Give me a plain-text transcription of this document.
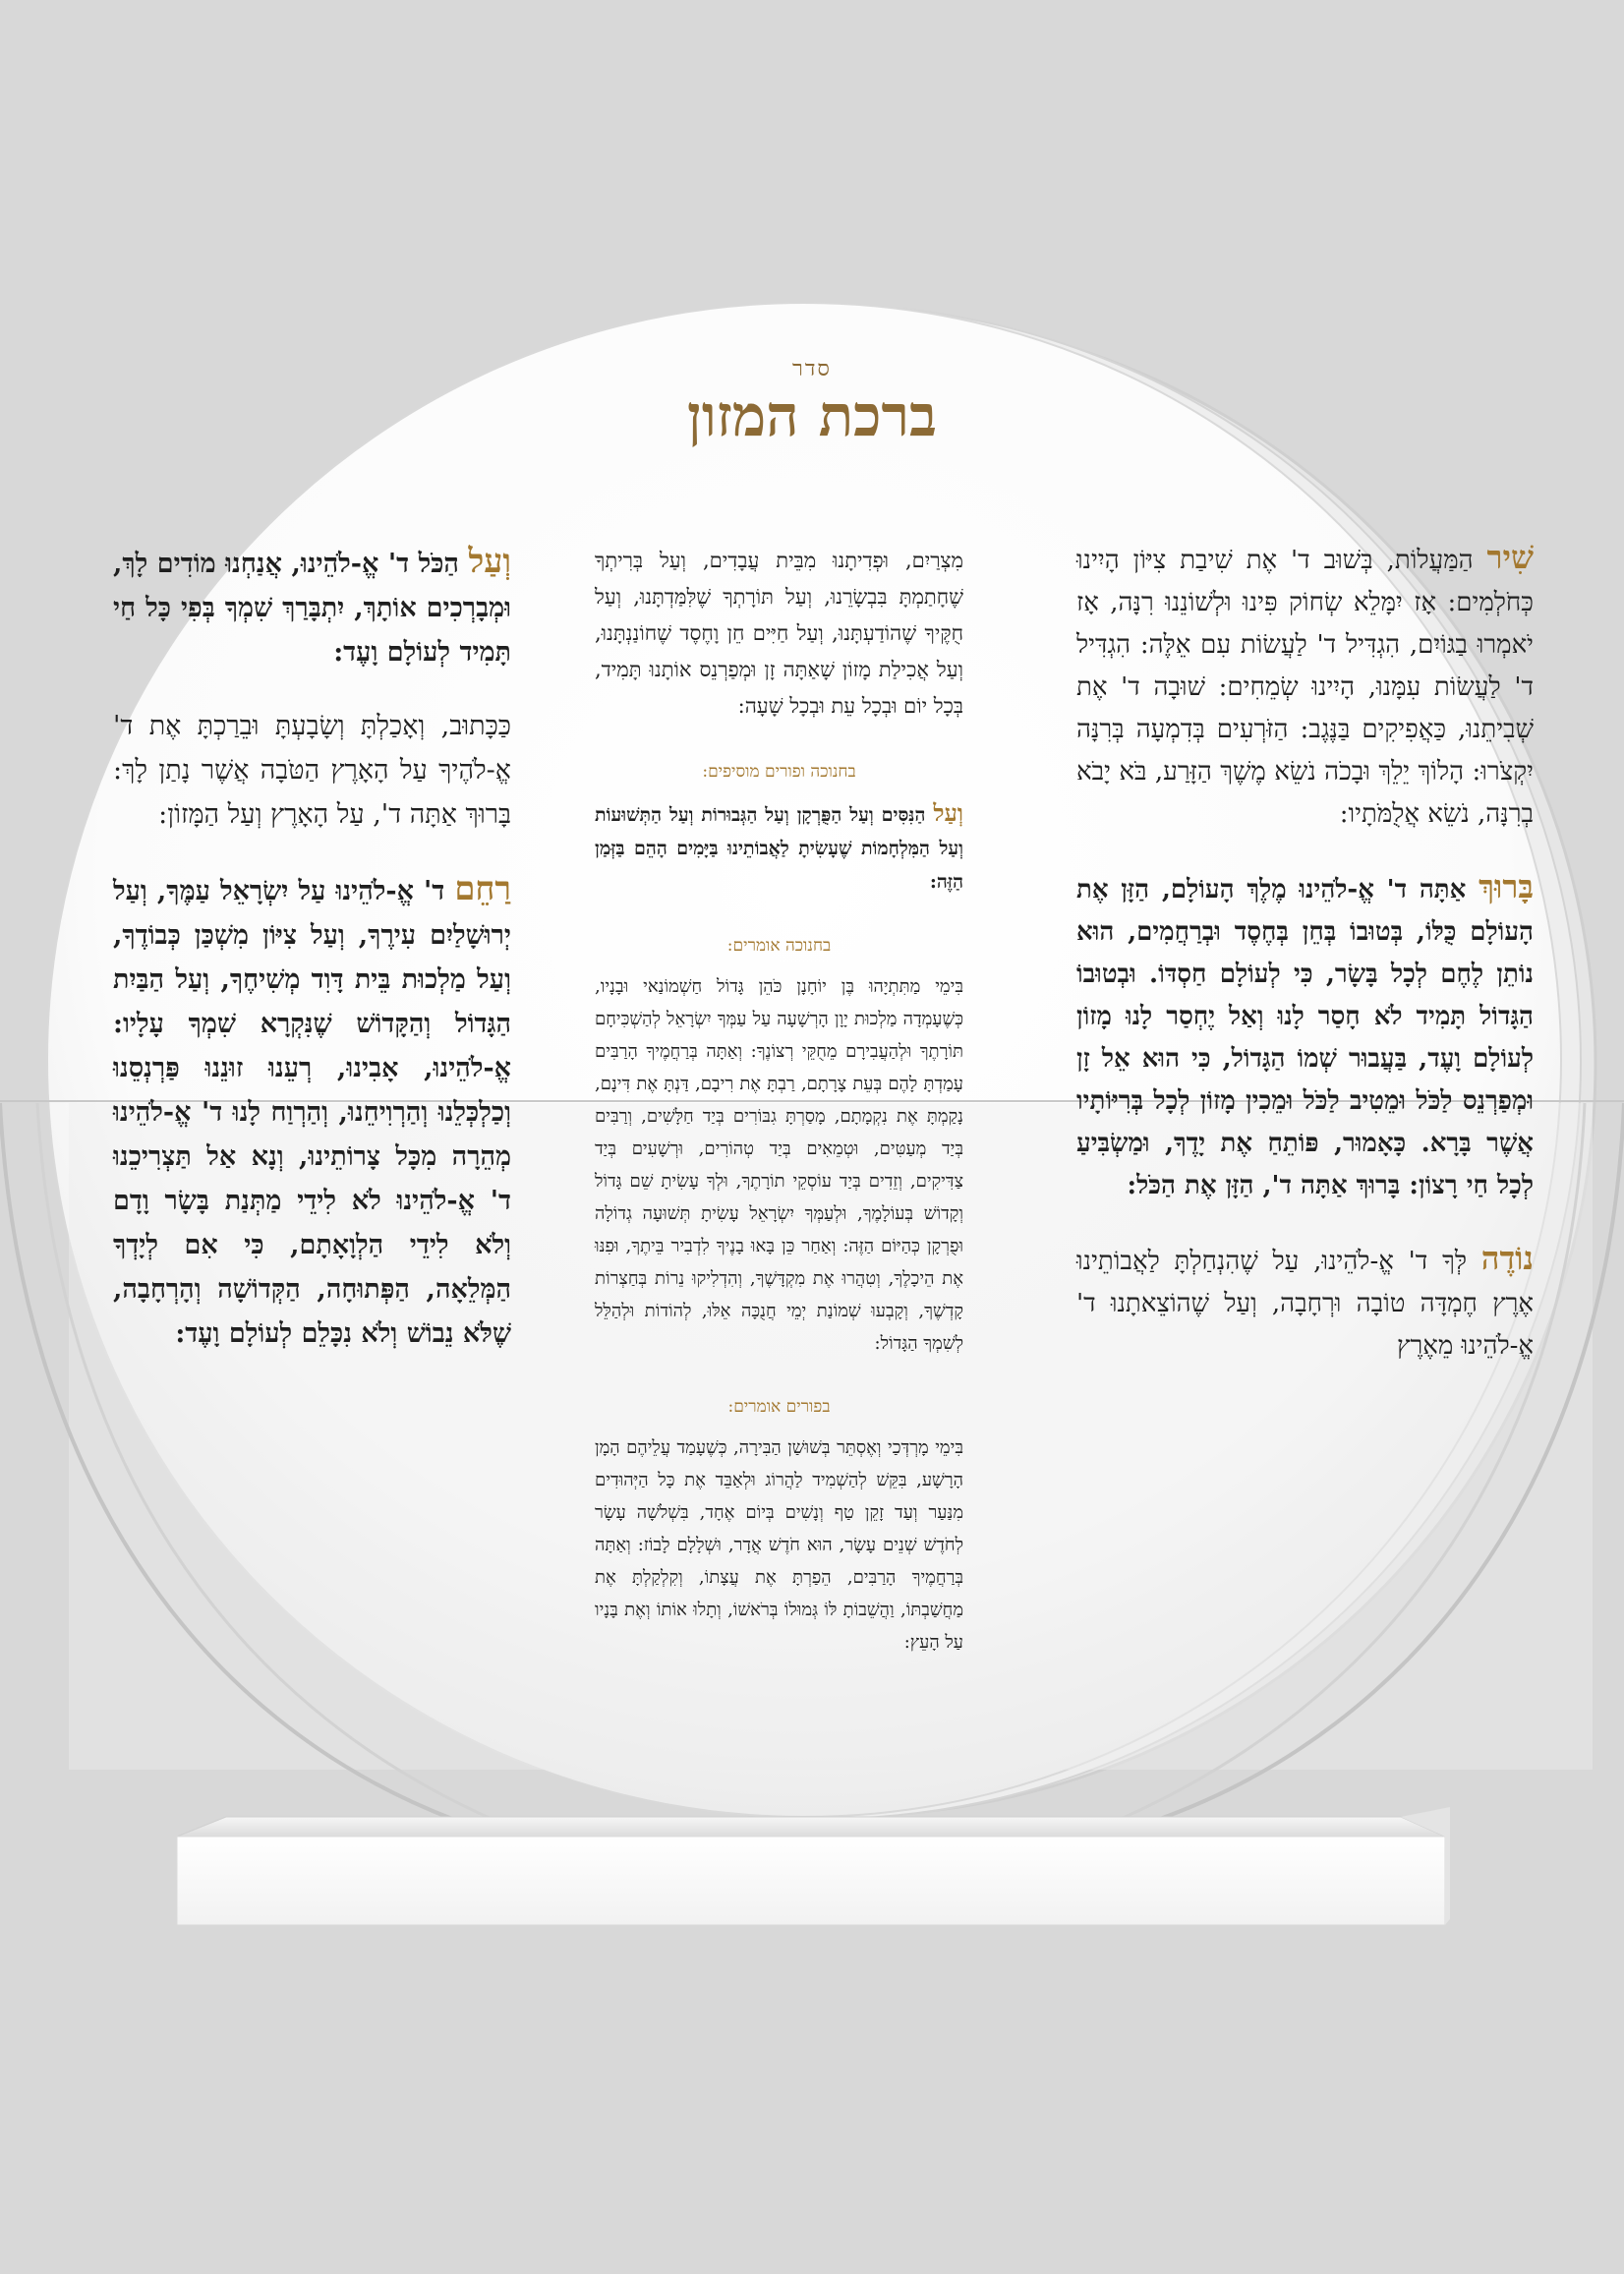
סדר
ברכת המזון

שִׁיר הַמַּעֲלוֹת, בְּשׁוּב ד' אֶת שִׁיבַת צִיּוֹן הָיִינוּ כְּחֹלְמִים: אָז יִמָּלֵא שְׂחוֹק פִּינוּ וּלְשׁוֹנֵנוּ רִנָּה, אָז יֹאמְרוּ בַגּוֹיִם, הִגְדִּיל ד' לַעֲשׂוֹת עִם אֵלֶּה: הִגְדִּיל ד' לַעֲשׂוֹת עִמָּנוּ, הָיִינוּ שְׂמֵחִים: שׁוּבָה ד' אֶת שְׁבִיתֵנוּ, כַּאֲפִיקִים בַּנֶּגֶב: הַזֹּרְעִים בְּדִמְעָה בְּרִנָּה יִקְצֹרוּ: הָלוֹךְ יֵלֵךְ וּבָכֹה נֹשֵׂא מֶשֶׁךְ הַזָּרַע, בֹּא יָבֹא בְרִנָּה, נֹשֵׂא אֲלֻמֹּתָיו:

בָּרוּךְ אַתָּה ד' אֱ-לֹהֵינוּ מֶלֶךְ הָעוֹלָם, הַזָּן אֶת הָעוֹלָם כֻּלּוֹ, בְּטוּבוֹ בְּחֵן בְּחֶסֶד וּבְרַחֲמִים, הוּא נוֹתֵן לֶחֶם לְכָל בָּשָׂר, כִּי לְעוֹלָם חַסְדּוֹ. וּבְטוּבוֹ הַגָּדוֹל תָּמִיד לֹא חָסַר לָנוּ וְאַל יֶחְסַר לָנוּ מָזוֹן לְעוֹלָם וָעֶד, בַּעֲבוּר שְׁמוֹ הַגָּדוֹל, כִּי הוּא אֵל זָן וּמְפַרְנֵס לַכֹּל וּמֵטִיב לַכֹּל וּמֵכִין מָזוֹן לְכָל בְּרִיּוֹתָיו אֲשֶׁר בָּרָא. כָּאָמוּר, פּוֹתֵחַ אֶת יָדֶךָ, וּמַשְׂבִּיעַ לְכָל חַי רָצוֹן: בָּרוּךְ אַתָּה ד', הַזָּן אֶת הַכֹּל:

נוֹדֶה לְּךָ ד' אֱ-לֹהֵינוּ, עַל שֶׁהִנְחַלְתָּ לַאֲבוֹתֵינוּ אֶרֶץ חֶמְדָּה טוֹבָה וּרְחָבָה, וְעַל שֶׁהוֹצֵאתָנוּ ד' אֱ-לֹהֵינוּ מֵאֶרֶץ

מִצְרַיִם, וּפְדִיתָנוּ מִבֵּית עֲבָדִים, וְעַל בְּרִיתְךָ שֶׁחָתַמְתָּ בִּבְשָׂרֵנוּ, וְעַל תּוֹרָתְךָ שֶׁלִּמַּדְתָּנוּ, וְעַל חֻקֶּיךָ שֶׁהוֹדַעְתָּנוּ, וְעַל חַיִּים חֵן וָחֶסֶד שֶׁחוֹנַנְתָּנוּ, וְעַל אֲכִילַת מָזוֹן שָׁאַתָּה זָן וּמְפַרְנֵס אוֹתָנוּ תָּמִיד, בְּכָל יוֹם וּבְכָל עֵת וּבְכָל שָׁעָה:

בחנוכה ופורים מוסיפים:

וְעַל הַנִּסִּים וְעַל הַפֻּרְקָן וְעַל הַגְּבוּרוֹת וְעַל הַתְּשׁוּעוֹת וְעַל הַמִּלְחָמוֹת שֶׁעָשִׂיתָ לַאֲבוֹתֵינוּ בַּיָּמִים הָהֵם בַּזְּמַן הַזֶּה:

בחנוכה אומרים:

בִּימֵי מַתִּתְיָהוּ בֶּן יוֹחָנָן כֹּהֵן גָּדוֹל חַשְׁמוֹנַאי וּבָנָיו, כְּשֶׁעָמְדָה מַלְכוּת יָוָן הָרְשָׁעָה עַל עַמְּךָ יִשְׂרָאֵל לְהַשְׁכִּיחָם תּוֹרָתֶךָ וּלְהַעֲבִירָם מֵחֻקֵּי רְצוֹנֶךָ: וְאַתָּה בְּרַחֲמֶיךָ הָרַבִּים עָמַדְתָּ לָהֶם בְּעֵת צָרָתָם, רַבְתָּ אֶת רִיבָם, דַּנְתָּ אֶת דִּינָם, נָקַמְתָּ אֶת נִקְמָתָם, מָסַרְתָּ גִבּוֹרִים בְּיַד חַלָּשִׁים, וְרַבִּים בְּיַד מְעַטִּים, וּטְמֵאִים בְּיַד טְהוֹרִים, וּרְשָׁעִים בְּיַד צַדִּיקִים, וְזֵדִים בְּיַד עוֹסְקֵי תוֹרָתֶךָ, וּלְךָ עָשִׂיתָ שֵׁם גָּדוֹל וְקָדוֹשׁ בְּעוֹלָמֶךָ, וּלְעַמְּךָ יִשְׂרָאֵל עָשִׂיתָ תְּשׁוּעָה גְדוֹלָה וּפֻרְקָן כְּהַיּוֹם הַזֶּה: וְאַחַר כֵּן בָּאוּ בָנֶיךָ לִדְבִיר בֵּיתֶךָ, וּפִנּוּ אֶת הֵיכָלֶךָ, וְטִהֲרוּ אֶת מִקְדָּשֶׁךָ, וְהִדְלִיקוּ נֵרוֹת בְּחַצְרוֹת קָדְשֶׁךָ, וְקָבְעוּ שְׁמוֹנַת יְמֵי חֲנֻכָּה אֵלּוּ, לְהוֹדוֹת וּלְהַלֵּל לְשִׁמְךָ הַגָּדוֹל:

בפורים אומרים:

בִּימֵי מָרְדְּכַי וְאֶסְתֵּר בְּשׁוּשַׁן הַבִּירָה, כְּשֶׁעָמַד עֲלֵיהֶם הָמָן הָרָשָׁע, בִּקֵּשׁ לְהַשְׁמִיד לַהֲרוֹג וּלְאַבֵּד אֶת כָּל הַיְּהוּדִים מִנַּעַר וְעַד זָקֵן טַף וְנָשִׁים בְּיוֹם אֶחָד, בִּשְׁלֹשָׁה עָשָׂר לְחֹדֶשׁ שְׁנֵים עָשָׂר, הוּא חֹדֶשׁ אֲדָר, וּשְׁלָלָם לָבוֹז: וְאַתָּה בְּרַחֲמֶיךָ הָרַבִּים, הֵפַרְתָּ אֶת עֲצָתוֹ, וְקִלְקַלְתָּ אֶת מַחֲשַׁבְתּוֹ, וַהֲשֵׁבוֹתָ לּוֹ גְּמוּלוֹ בְּרֹאשׁוֹ, וְתָלוּ אוֹתוֹ וְאֶת בָּנָיו עַל הָעֵץ:

וְעַל הַכֹּל ד' אֱ-לֹהֵינוּ, אֲנַחְנוּ מוֹדִים לָךְ, וּמְבָרְכִים אוֹתָךְ, יִתְבָּרַךְ שִׁמְךָ בְּפִי כָּל חַי תָּמִיד לְעוֹלָם וָעֶד:

כַּכָּתוּב, וְאָכַלְתָּ וְשָׂבָעְתָּ וּבֵרַכְתָּ אֶת ד' אֱ-לֹהֶיךָ עַל הָאָרֶץ הַטֹּבָה אֲשֶׁר נָתַן לָךְ: בָּרוּךְ אַתָּה ד', עַל הָאָרֶץ וְעַל הַמָּזוֹן:

רַחֵם ד' אֱ-לֹהֵינוּ עַל יִשְׂרָאֵל עַמֶּךָ, וְעַל יְרוּשָׁלַיִם עִירֶךָ, וְעַל צִיּוֹן מִשְׁכַּן כְּבוֹדֶךָ, וְעַל מַלְכוּת בֵּית דָּוִד מְשִׁיחֶךָ, וְעַל הַבַּיִת הַגָּדוֹל וְהַקָּדוֹשׁ שֶׁנִּקְרָא שִׁמְךָ עָלָיו: אֱ-לֹהֵינוּ, אָבִינוּ, רְעֵנוּ זוּנֵנוּ פַּרְנְסֵנוּ וְכַלְכְּלֵנוּ וְהַרְוִיחֵנוּ, וְהַרְוַח לָנוּ ד' אֱ-לֹהֵינוּ מְהֵרָה מִכָּל צָרוֹתֵינוּ, וְנָא אַל תַּצְרִיכֵנוּ ד' אֱ-לֹהֵינוּ לֹא לִידֵי מַתְּנַת בָּשָׂר וָדָם וְלֹא לִידֵי הַלְוָאָתָם, כִּי אִם לְיָדְךָ הַמְּלֵאָה, הַפְּתוּחָה, הַקְּדוֹשָׁה וְהָרְחָבָה, שֶׁלֹּא נֵבוֹשׁ וְלֹא נִכָּלֵם לְעוֹלָם וָעֶד:
